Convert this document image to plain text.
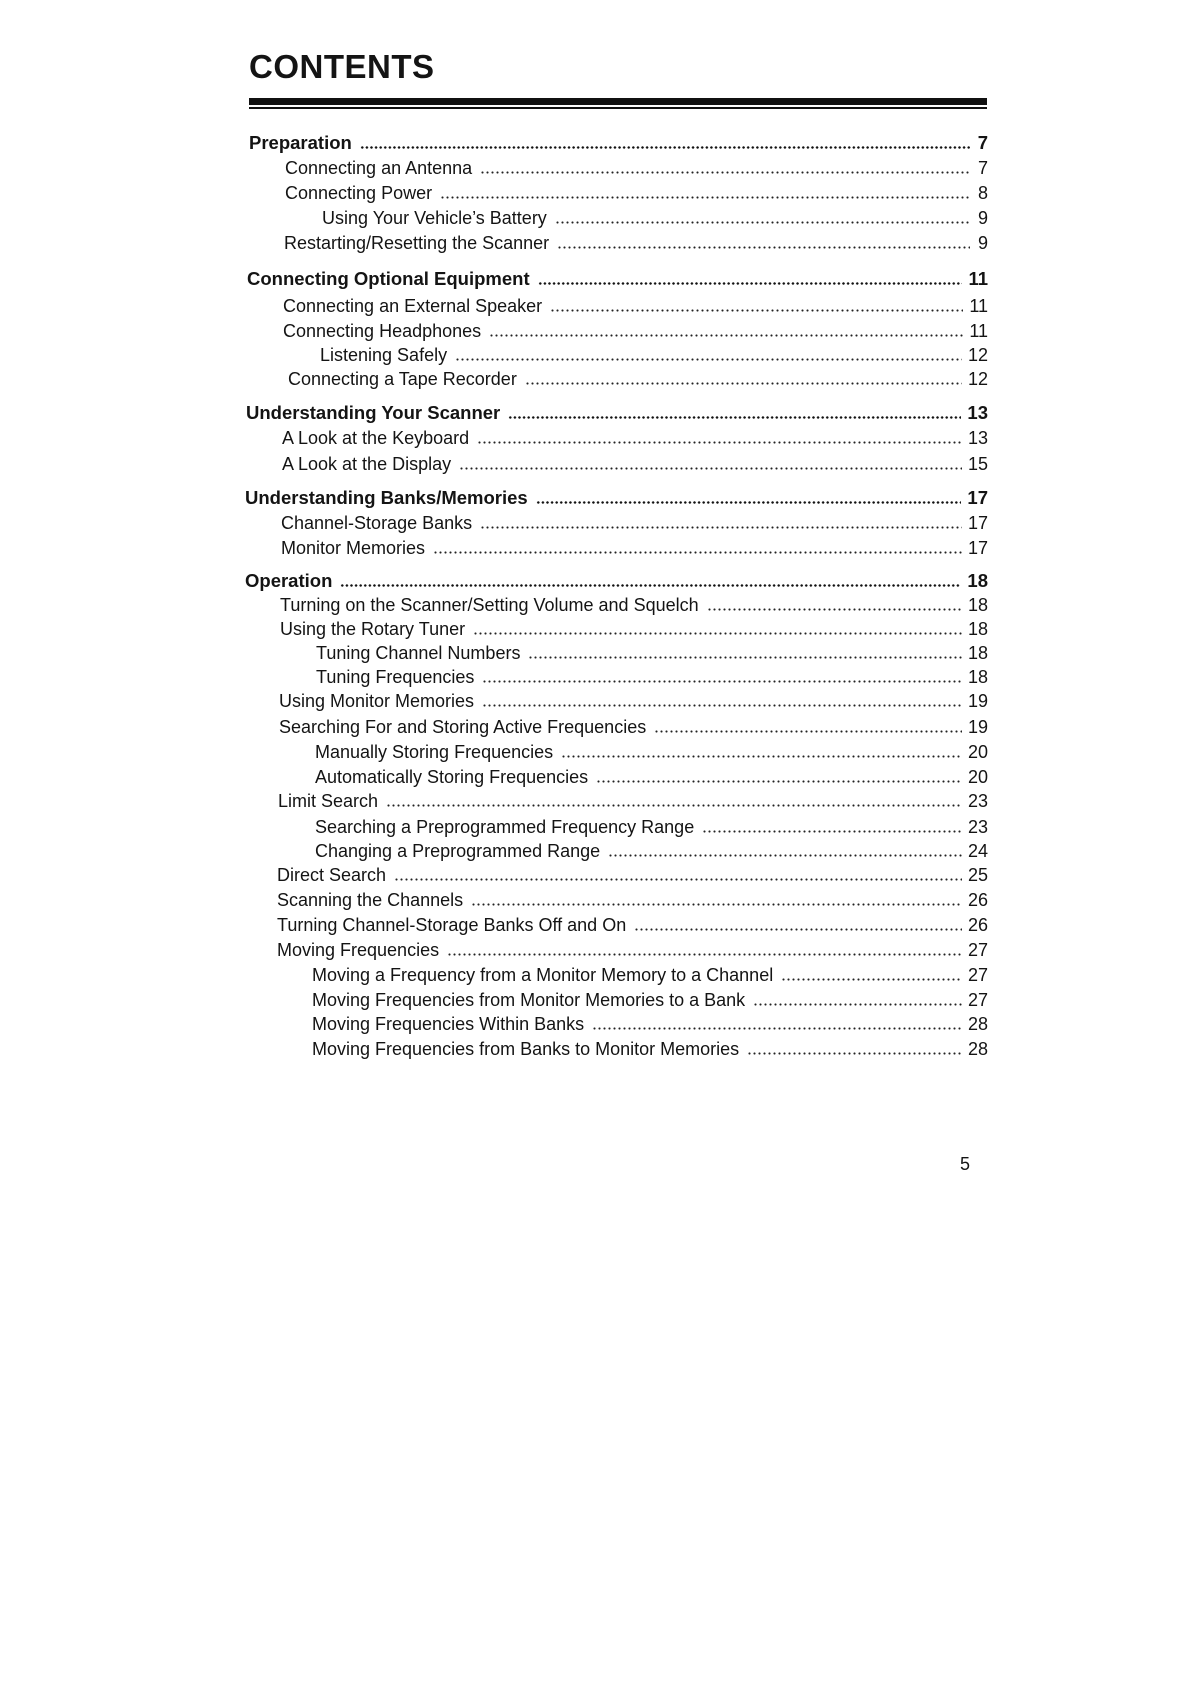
CONTENTS
Preparation	7
Connecting an Antenna	7
Connecting Power	8
Using Your Vehicle’s Battery	9
Restarting/Resetting the Scanner	9
Connecting Optional Equipment	11
Connecting an External Speaker	11
Connecting Headphones	11
Listening Safely	12
Connecting a Tape Recorder	12
Understanding Your Scanner	13
A Look at the Keyboard	13
A Look at the Display	15
Understanding Banks/Memories	17
Channel-Storage Banks	17
Monitor Memories	17
Operation	18
Turning on the Scanner/Setting Volume and Squelch	18
Using the Rotary Tuner	18
Tuning Channel Numbers	18
Tuning Frequencies	18
Using Monitor Memories	19
Searching For and Storing Active Frequencies	19
Manually Storing Frequencies	20
Automatically Storing Frequencies	20
Limit Search	23
Searching a Preprogrammed Frequency Range	23
Changing a Preprogrammed Range	24
Direct Search	25
Scanning the Channels	26
Turning Channel-Storage Banks Off and On	26
Moving Frequencies	27
Moving a Frequency from a Monitor Memory to a Channel	27
Moving Frequencies from Monitor Memories to a Bank	27
Moving Frequencies Within Banks	28
Moving Frequencies from Banks to Monitor Memories	28
5
